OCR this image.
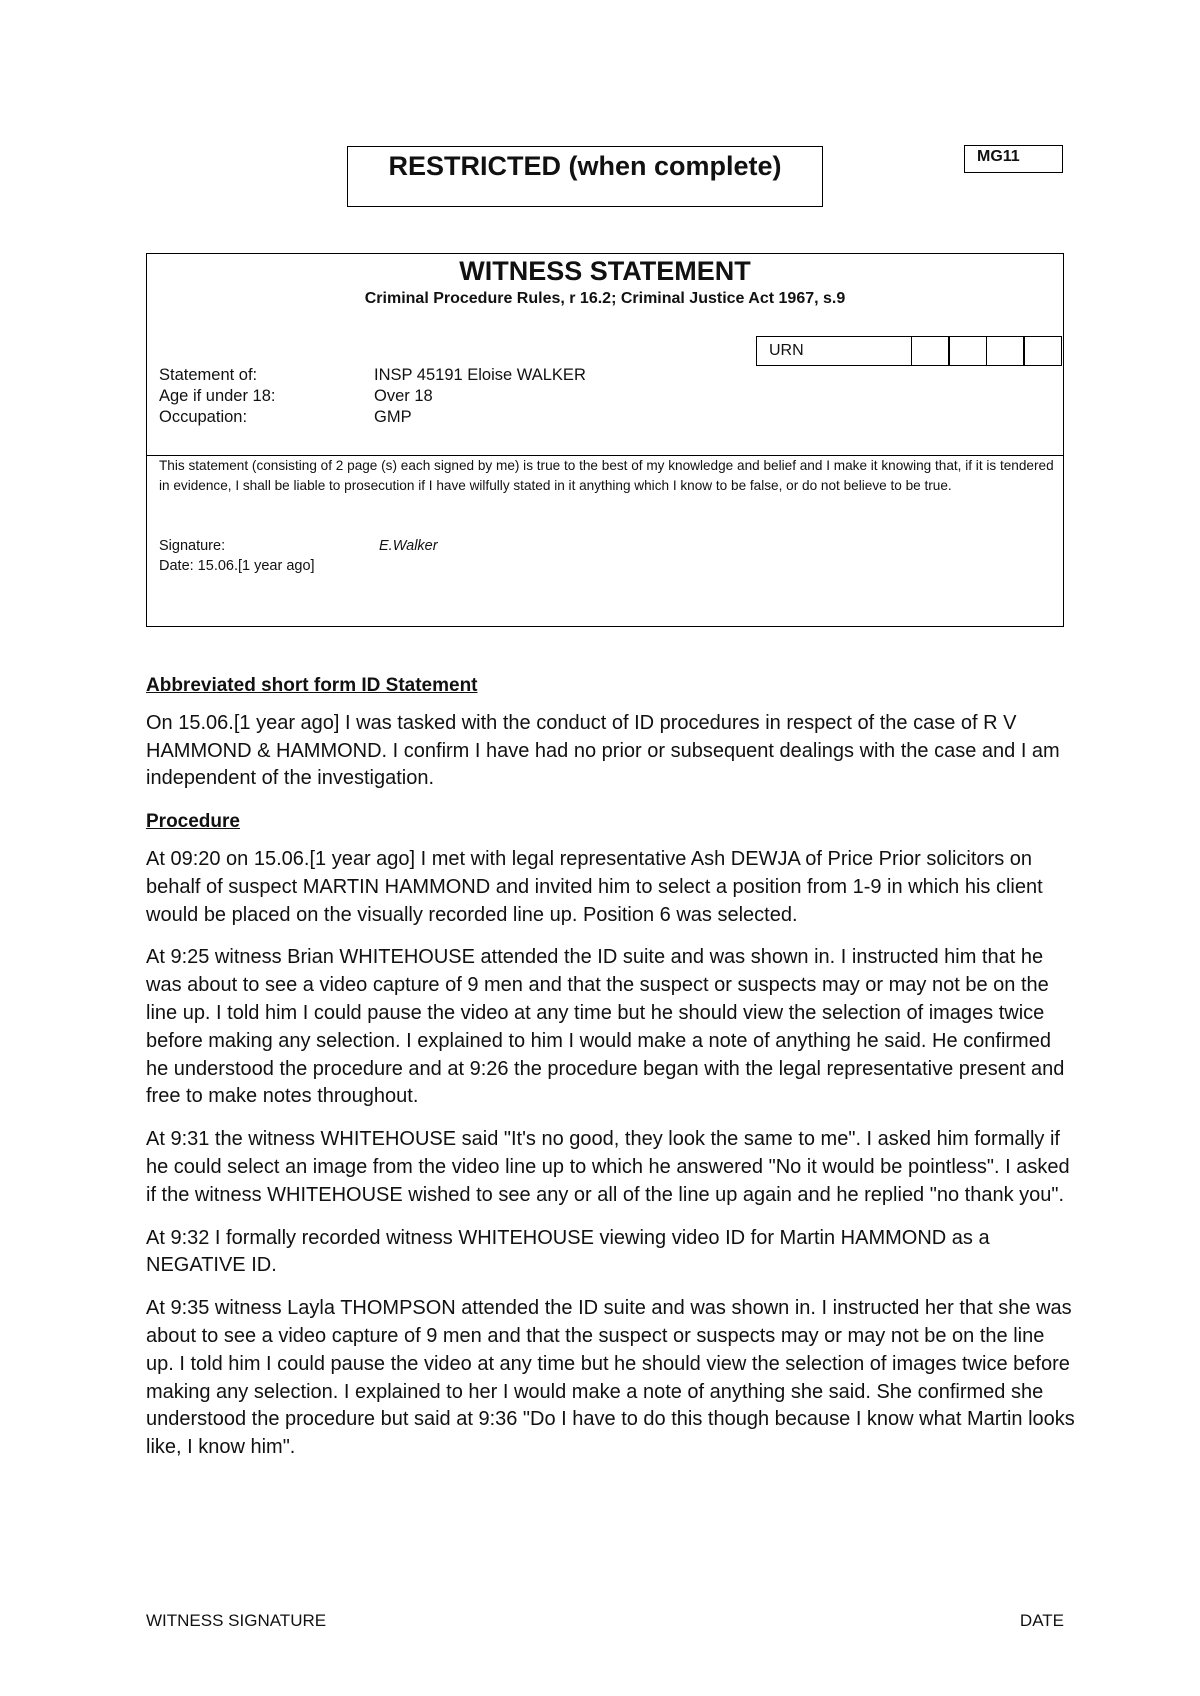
RESTRICTED (when complete)	MG11
WITNESS STATEMENT
Criminal Procedure Rules, r 16.2; Criminal Justice Act 1967, s.9
URN
Statement of:	INSP 45191 Eloise WALKER
Age if under 18:	Over 18
Occupation:	GMP
This statement (consisting of 2 page (s) each signed by me) is true to the best of my knowledge and belief and I make it knowing that, if it is tendered in evidence, I shall be liable to prosecution if I have wilfully stated in it anything which I know to be false, or do not believe to be true.
Signature:	E.Walker
Date: 15.06.[1 year ago]
Abbreviated short form ID Statement

On 15.06.[1 year ago] I was tasked with the conduct of ID procedures in respect of the case of R V HAMMOND & HAMMOND. I confirm I have had no prior or subsequent dealings with the case and I am independent of the investigation.

Procedure

At 09:20 on 15.06.[1 year ago] I met with legal representative Ash DEWJA of Price Prior solicitors on behalf of suspect MARTIN HAMMOND and invited him to select a position from 1-9 in which his client would be placed on the visually recorded line up. Position 6 was selected.

At 9:25 witness Brian WHITEHOUSE attended the ID suite and was shown in. I instructed him that he was about to see a video capture of 9 men and that the suspect or suspects may or may not be on the line up. I told him I could pause the video at any time but he should view the selection of images twice before making any selection. I explained to him I would make a note of anything he said. He confirmed he understood the procedure and at 9:26 the procedure began with the legal representative present and free to make notes throughout.

At 9:31 the witness WHITEHOUSE said "It's no good, they look the same to me". I asked him formally if he could select an image from the video line up to which he answered "No it would be pointless". I asked if the witness WHITEHOUSE wished to see any or all of the line up again and he replied "no thank you".

At 9:32 I formally recorded witness WHITEHOUSE viewing video ID for Martin HAMMOND as a NEGATIVE ID.

At 9:35 witness Layla THOMPSON attended the ID suite and was shown in. I instructed her that she was about to see a video capture of 9 men and that the suspect or suspects may or may not be on the line up. I told him I could pause the video at any time but he should view the selection of images twice before making any selection. I explained to her I would make a note of anything she said. She confirmed she understood the procedure but said at 9:36 "Do I have to do this though because I know what Martin looks like, I know him".

WITNESS SIGNATURE	DATE
